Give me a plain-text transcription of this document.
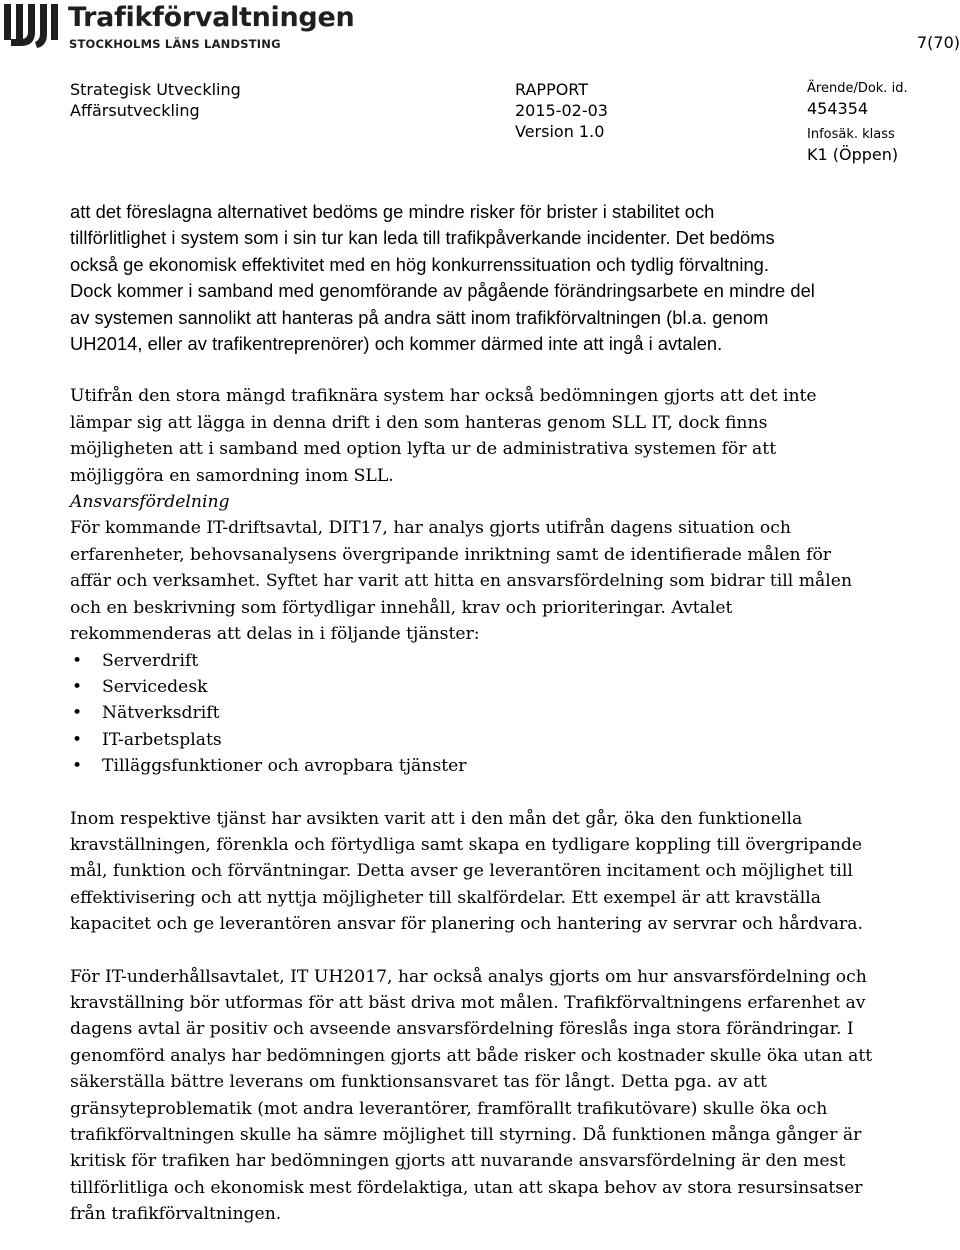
Trafikförvaltningen
STOCKHOLMS LÄNS LANDSTING	7(70)
Strategisk Utveckling
Affärsutveckling
RAPPORT
2015-02-03
Version 1.0
Ärende/Dok. id.
454354
Infosäk. klass
K1 (Öppen)

att det föreslagna alternativet bedöms ge mindre risker för brister i stabilitet och
tillförlitlighet i system som i sin tur kan leda till trafikpåverkande incidenter. Det bedöms
också ge ekonomisk effektivitet med en hög konkurrenssituation och tydlig förvaltning.
Dock kommer i samband med genomförande av pågående förändringsarbete en mindre del
av systemen sannolikt att hanteras på andra sätt inom trafikförvaltningen (bl.a. genom
UH2014, eller av trafikentreprenörer) och kommer därmed inte att ingå i avtalen.

Utifrån den stora mängd trafiknära system har också bedömningen gjorts att det inte
lämpar sig att lägga in denna drift i den som hanteras genom SLL IT, dock finns
möjligheten att i samband med option lyfta ur de administrativa systemen för att
möjliggöra en samordning inom SLL.

Ansvarsfördelning

För kommande IT-driftsavtal, DIT17, har analys gjorts utifrån dagens situation och
erfarenheter, behovsanalysens övergripande inriktning samt de identifierade målen för
affär och verksamhet. Syftet har varit att hitta en ansvarsfördelning som bidrar till målen
och en beskrivning som förtydligar innehåll, krav och prioriteringar. Avtalet
rekommenderas att delas in i följande tjänster:

• Serverdrift
• Servicedesk
• Nätverksdrift
• IT-arbetsplats
• Tilläggsfunktioner och avropbara tjänster

Inom respektive tjänst har avsikten varit att i den mån det går, öka den funktionella
kravställningen, förenkla och förtydliga samt skapa en tydligare koppling till övergripande
mål, funktion och förväntningar. Detta avser ge leverantören incitament och möjlighet till
effektivisering och att nyttja möjligheter till skalfördelar. Ett exempel är att kravställa
kapacitet och ge leverantören ansvar för planering och hantering av servrar och hårdvara.

För IT-underhållsavtalet, IT UH2017, har också analys gjorts om hur ansvarsfördelning och
kravställning bör utformas för att bäst driva mot målen. Trafikförvaltningens erfarenhet av
dagens avtal är positiv och avseende ansvarsfördelning föreslås inga stora förändringar. I
genomförd analys har bedömningen gjorts att både risker och kostnader skulle öka utan att
säkerställa bättre leverans om funktionsansvaret tas för långt. Detta pga. av att
gränsyteproblematik (mot andra leverantörer, framförallt trafikutövare) skulle öka och
trafikförvaltningen skulle ha sämre möjlighet till styrning. Då funktionen många gånger är
kritisk för trafiken har bedömningen gjorts att nuvarande ansvarsfördelning är den mest
tillförlitliga och ekonomisk mest fördelaktiga, utan att skapa behov av stora resursinsatser
från trafikförvaltningen.
